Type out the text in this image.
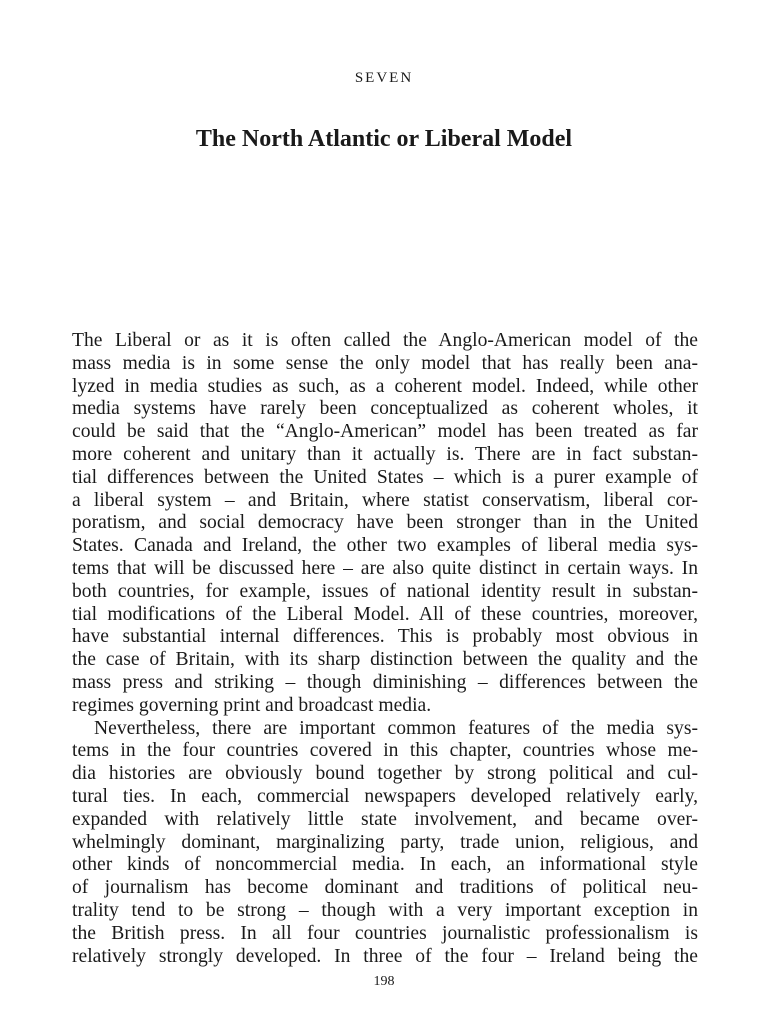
SEVEN
The North Atlantic or Liberal Model
The Liberal or as it is often called the Anglo-American model of the
mass media is in some sense the only model that has really been ana-
lyzed in media studies as such, as a coherent model. Indeed, while other
media systems have rarely been conceptualized as coherent wholes, it
could be said that the “Anglo-American” model has been treated as far
more coherent and unitary than it actually is. There are in fact substan-
tial differences between the United States – which is a purer example of
a liberal system – and Britain, where statist conservatism, liberal cor-
poratism, and social democracy have been stronger than in the United
States. Canada and Ireland, the other two examples of liberal media sys-
tems that will be discussed here – are also quite distinct in certain ways. In
both countries, for example, issues of national identity result in substan-
tial modifications of the Liberal Model. All of these countries, moreover,
have substantial internal differences. This is probably most obvious in
the case of Britain, with its sharp distinction between the quality and the
mass press and striking – though diminishing – differences between the
regimes governing print and broadcast media.
Nevertheless, there are important common features of the media sys-
tems in the four countries covered in this chapter, countries whose me-
dia histories are obviously bound together by strong political and cul-
tural ties. In each, commercial newspapers developed relatively early,
expanded with relatively little state involvement, and became over-
whelmingly dominant, marginalizing party, trade union, religious, and
other kinds of noncommercial media. In each, an informational style
of journalism has become dominant and traditions of political neu-
trality tend to be strong – though with a very important exception in
the British press. In all four countries journalistic professionalism is
relatively strongly developed. In three of the four – Ireland being the
198
